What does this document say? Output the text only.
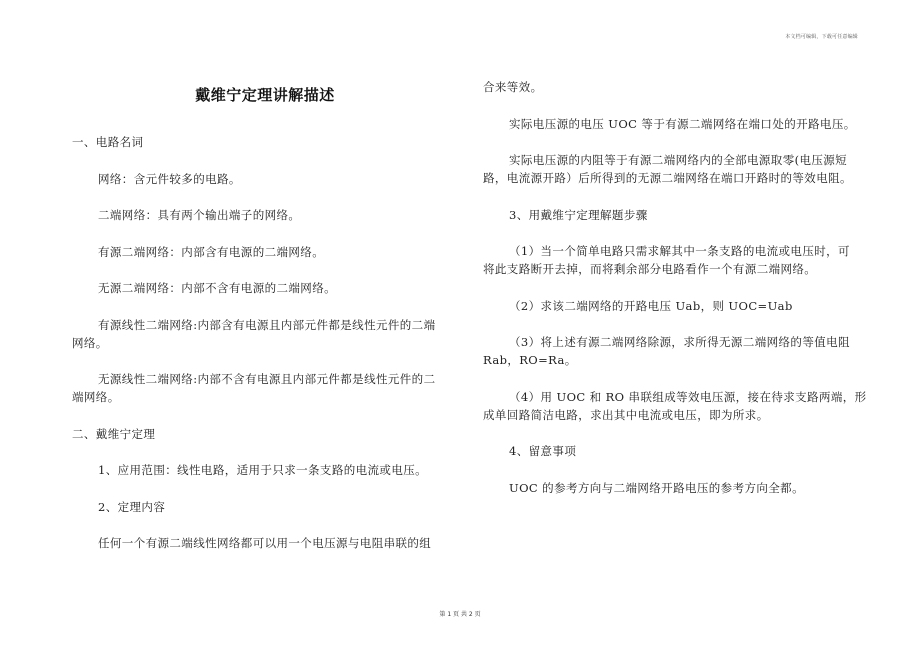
本文档可编辑，下载可任意编辑
戴维宁定理讲解描述
一、电路名词
网络：含元件较多的电路。
二端网络：具有两个输出端子的网络。
有源二端网络：内部含有电源的二端网络。
无源二端网络：内部不含有电源的二端网络。
有源线性二端网络:内部含有电源且内部元件都是线性元件的二端
网络。
无源线性二端网络:内部不含有电源且内部元件都是线性元件的二
端网络。
二、戴维宁定理
1、应用范围：线性电路，适用于只求一条支路的电流或电压。
2、定理内容
任何一个有源二端线性网络都可以用一个电压源与电阻串联的组
合来等效。
实际电压源的电压 UOC 等于有源二端网络在端口处的开路电压。
实际电压源的内阻等于有源二端网络内的全部电源取零(电压源短
路，电流源开路）后所得到的无源二端网络在端口开路时的等效电阻。
3、用戴维宁定理解题步骤
（1）当一个简单电路只需求解其中一条支路的电流或电压时，可
将此支路断开去掉，而将剩余部分电路看作一个有源二端网络。
（2）求该二端网络的开路电压 Uab，则 UOC=Uab
（3）将上述有源二端网络除源，求所得无源二端网络的等值电阻
Rab，RO=Ra。
（4）用 UOC 和 RO 串联组成等效电压源，接在待求支路两端，形
成单回路简洁电路，求出其中电流或电压，即为所求。
4、留意事项
UOC 的参考方向与二端网络开路电压的参考方向全都。
第 1 页 共 2 页
